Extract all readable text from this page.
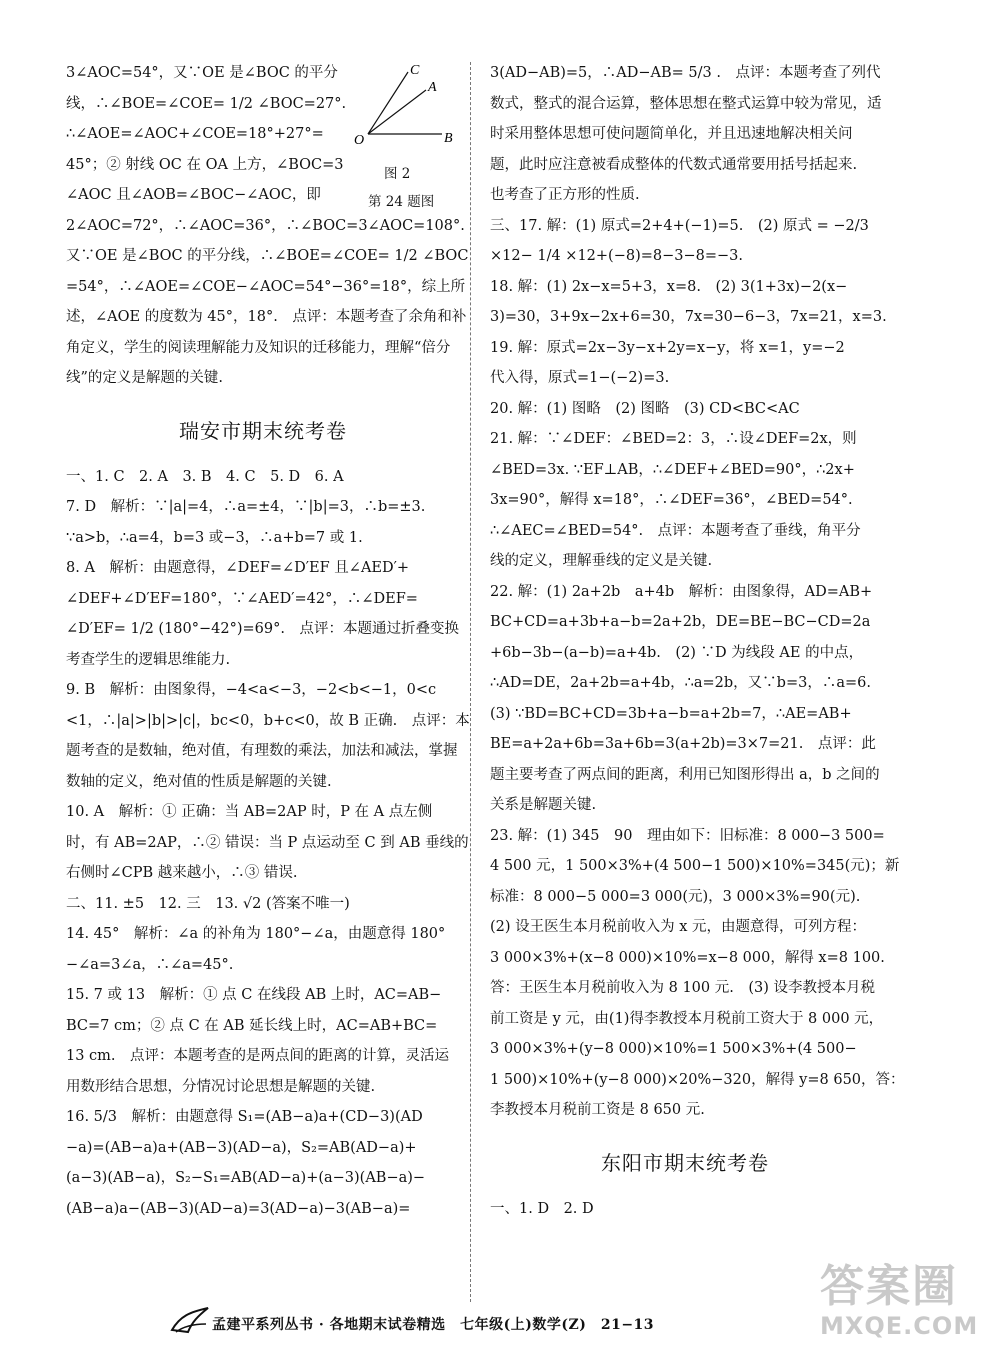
O
C
A
B
图 2
第 24 题图
3∠AOC=54°，又∵OE 是∠BOC 的平分
线，∴∠BOE=∠COE= 1/2 ∠BOC=27°.
∴∠AOE=∠AOC+∠COE=18°+27°=
45°；② 射线 OC 在 OA 上方，∠BOC=3
∠AOC 且∠AOB=∠BOC−∠AOC，即
2∠AOC=72°，∴∠AOC=36°，∴∠BOC=3∠AOC=108°.
又∵OE 是∠BOC 的平分线，∴∠BOE=∠COE= 1/2 ∠BOC
=54°，∴∠AOE=∠COE−∠AOC=54°−36°=18°，综上所
述，∠AOE 的度数为 45°，18°.　点评：本题考查了余角和补
角定义，学生的阅读理解能力及知识的迁移能力，理解“倍分
线”的定义是解题的关键.
瑞安市期末统考卷
一、1. C　2. A　3. B　4. C　5. D　6. A
7. D　解析：∵|a|=4，∴a=±4，∵|b|=3，∴b=±3.
∵a>b，∴a=4，b=3 或−3，∴a+b=7 或 1.
8. A　解析：由题意得，∠DEF=∠D′EF 且∠AED′+
∠DEF+∠D′EF=180°，∵∠AED′=42°，∴∠DEF=
∠D′EF= 1/2 (180°−42°)=69°.　点评：本题通过折叠变换
考查学生的逻辑思维能力.
9. B　解析：由图象得，−4<a<−3，−2<b<−1，0<c
<1，∴|a|>|b|>|c|，bc<0，b+c<0，故 B 正确.　点评：本
题考查的是数轴，绝对值，有理数的乘法，加法和减法，掌握
数轴的定义，绝对值的性质是解题的关键.
10. A　解析：① 正确：当 AB=2AP 时，P 在 A 点左侧
时，有 AB=2AP，∴② 错误：当 P 点运动至 C 到 AB 垂线的
右侧时∠CPB 越来越小，∴③ 错误.
二、11. ±5　12. 三　13. √2 (答案不唯一)
14. 45°　解析：∠a 的补角为 180°−∠a，由题意得 180°
−∠a=3∠a，∴∠a=45°.
15. 7 或 13　解析：① 点 C 在线段 AB 上时，AC=AB−
BC=7 cm；② 点 C 在 AB 延长线上时，AC=AB+BC=
13 cm.　点评：本题考查的是两点间的距离的计算，灵活运
用数形结合思想，分情况讨论思想是解题的关键.
16. 5/3　解析：由题意得 S₁=(AB−a)a+(CD−3)(AD
−a)=(AB−a)a+(AB−3)(AD−a)，S₂=AB(AD−a)+
(a−3)(AB−a)，S₂−S₁=AB(AD−a)+(a−3)(AB−a)−
(AB−a)a−(AB−3)(AD−a)=3(AD−a)−3(AB−a)=
3(AD−AB)=5，∴AD−AB= 5/3 .　点评：本题考查了列代
数式，整式的混合运算，整体思想在整式运算中较为常见，适
时采用整体思想可使问题简单化，并且迅速地解决相关问
题，此时应注意被看成整体的代数式通常要用括号括起来.
也考查了正方形的性质.
三、17. 解：(1) 原式=2+4+(−1)=5.　(2) 原式 = −2/3
×12− 1/4 ×12+(−8)=8−3−8=−3.
18. 解：(1) 2x−x=5+3，x=8.　(2) 3(1+3x)−2(x−
3)=30，3+9x−2x+6=30，7x=30−6−3，7x=21，x=3.
19. 解：原式=2x−3y−x+2y=x−y，将 x=1，y=−2
代入得，原式=1−(−2)=3.
20. 解：(1) 图略　(2) 图略　(3) CD<BC<AC
21. 解：∵∠DEF：∠BED=2：3，∴设∠DEF=2x，则
∠BED=3x. ∵EF⊥AB，∴∠DEF+∠BED=90°，∴2x+
3x=90°，解得 x=18°，∴∠DEF=36°，∠BED=54°.
∴∠AEC=∠BED=54°.　点评：本题考查了垂线，角平分
线的定义，理解垂线的定义是关键.
22. 解：(1) 2a+2b　a+4b　解析：由图象得，AD=AB+
BC+CD=a+3b+a−b=2a+2b，DE=BE−BC−CD=2a
+6b−3b−(a−b)=a+4b.　(2) ∵D 为线段 AE 的中点，
∴AD=DE，2a+2b=a+4b，∴a=2b，又∵b=3，∴a=6.
(3) ∵BD=BC+CD=3b+a−b=a+2b=7，∴AE=AB+
BE=a+2a+6b=3a+6b=3(a+2b)=3×7=21.　点评：此
题主要考查了两点间的距离，利用已知图形得出 a，b 之间的
关系是解题关键.
23. 解：(1) 345　90　理由如下：旧标准：8 000−3 500=
4 500 元，1 500×3%+(4 500−1 500)×10%=345(元)；新
标准：8 000−5 000=3 000(元)，3 000×3%=90(元).
(2) 设王医生本月税前收入为 x 元，由题意得，可列方程：
3 000×3%+(x−8 000)×10%=x−8 000，解得 x=8 100.
答：王医生本月税前收入为 8 100 元.　(3) 设李教授本月税
前工资是 y 元，由(1)得李教授本月税前工资大于 8 000 元，
3 000×3%+(y−8 000)×10%=1 500×3%+(4 500−
1 500)×10%+(y−8 000)×20%−320，解得 y=8 650，答：
李教授本月税前工资是 8 650 元.
东阳市期末统考卷
一、1. D　2. D
孟建平系列丛书 · 各地期末试卷精选　七年级(上)数学(Z)　21−13
答案圈
MXQE.COM
